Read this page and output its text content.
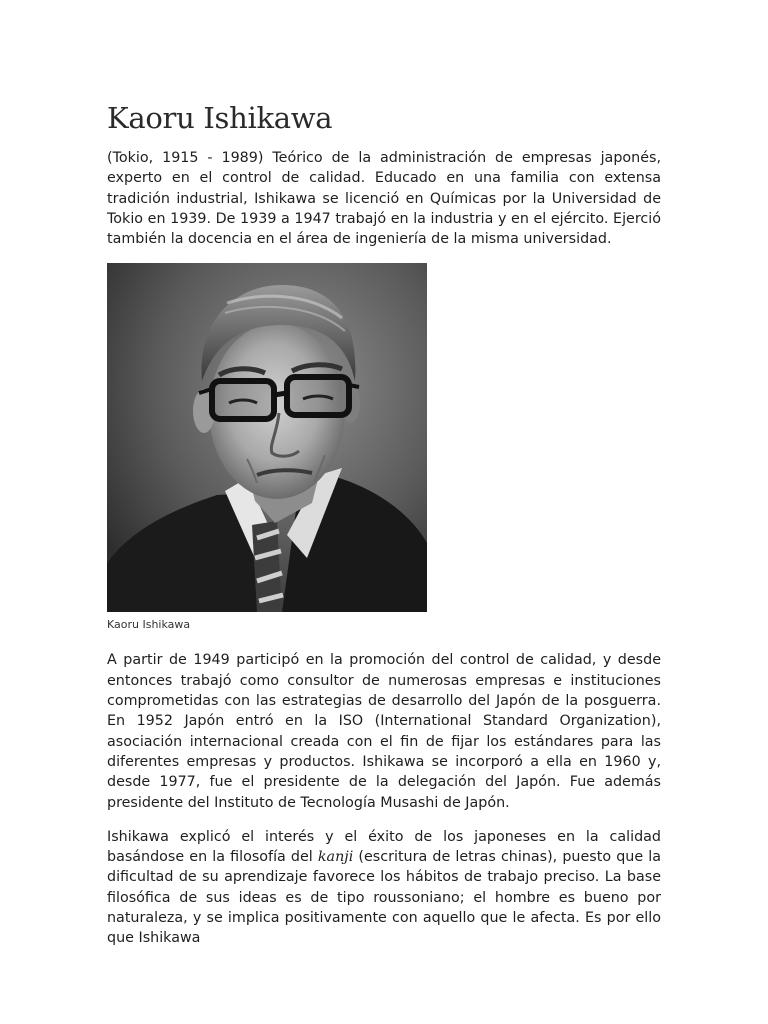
Kaoru Ishikawa

(Tokio, 1915 - 1989) Teórico de la administración de empresas japonés, experto en el control de calidad. Educado en una familia con extensa tradición industrial, Ishikawa se licenció en Químicas por la Universidad de Tokio en 1939. De 1939 a 1947 trabajó en la industria y en el ejército. Ejerció también la docencia en el área de ingeniería de la misma universidad.

Kaoru Ishikawa

A partir de 1949 participó en la promoción del control de calidad, y desde entonces trabajó como consultor de numerosas empresas e instituciones comprometidas con las estrategias de desarrollo del Japón de la posguerra. En 1952 Japón entró en la ISO (International Standard Organization), asociación internacional creada con el fin de fijar los estándares para las diferentes empresas y productos. Ishikawa se incorporó a ella en 1960 y, desde 1977, fue el presidente de la delegación del Japón. Fue además presidente del Instituto de Tecnología Musashi de Japón.

Ishikawa explicó el interés y el éxito de los japoneses en la calidad basándose en la filosofía del kanji (escritura de letras chinas), puesto que la dificultad de su aprendizaje favorece los hábitos de trabajo preciso. La base filosófica de sus ideas es de tipo roussoniano; el hombre es bueno por naturaleza, y se implica positivamente con aquello que le afecta. Es por ello que Ishikawa
